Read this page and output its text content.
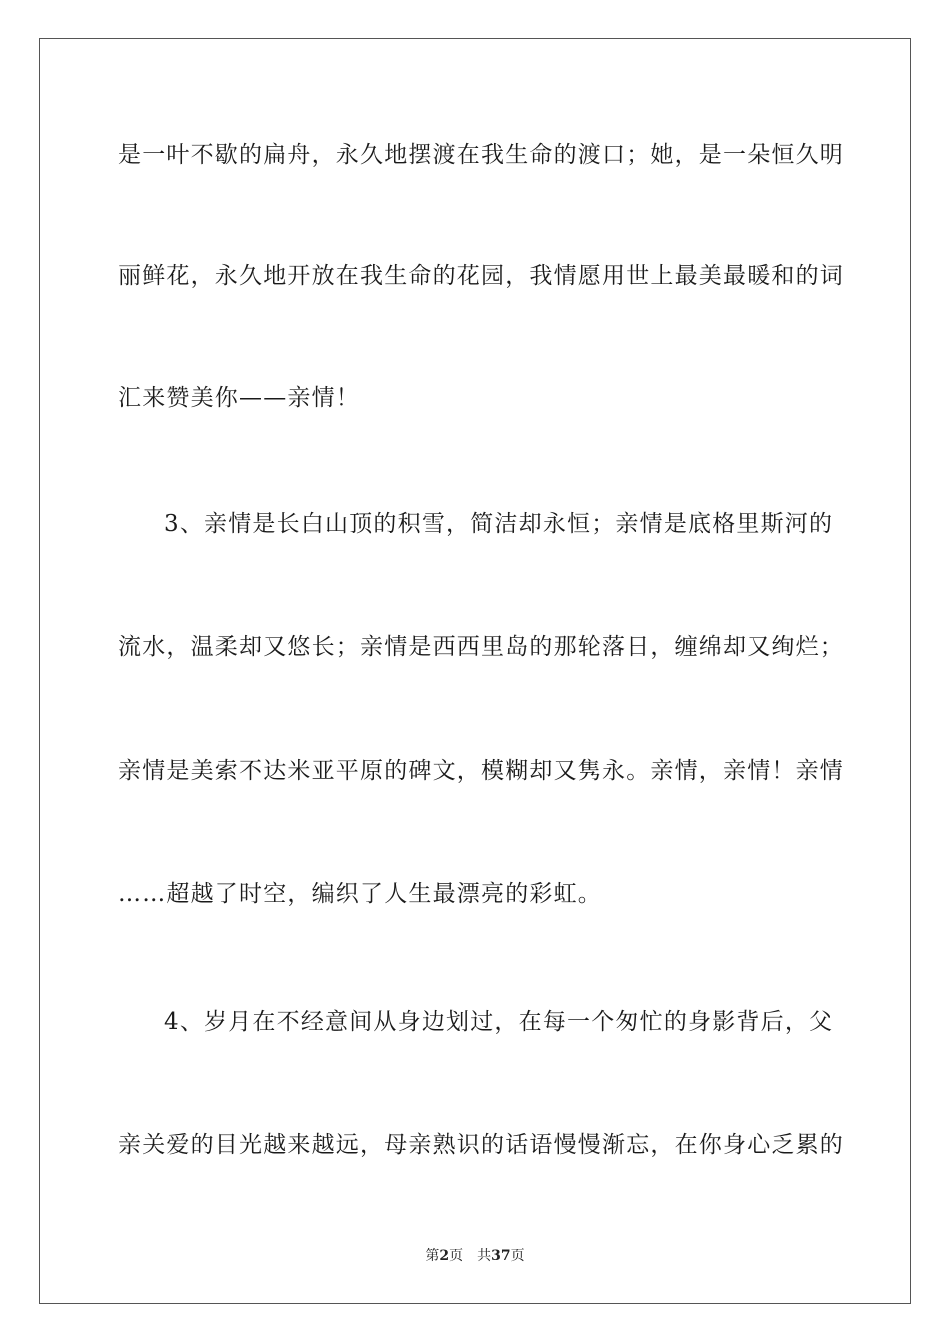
是一叶不歇的扁舟，永久地摆渡在我生命的渡口；她，是一朵恒久明
丽鲜花，永久地开放在我生命的花园，我情愿用世上最美最暖和的词
汇来赞美你——亲情！
3、亲情是长白山顶的积雪，简洁却永恒；亲情是底格里斯河的
流水，温柔却又悠长；亲情是西西里岛的那轮落日，缠绵却又绚烂；
亲情是美索不达米亚平原的碑文，模糊却又隽永。亲情，亲情！亲情
……超越了时空，编织了人生最漂亮的彩虹。
4、岁月在不经意间从身边划过，在每一个匆忙的身影背后，父
亲关爱的目光越来越远，母亲熟识的话语慢慢渐忘，在你身心乏累的
第2页 共37页
